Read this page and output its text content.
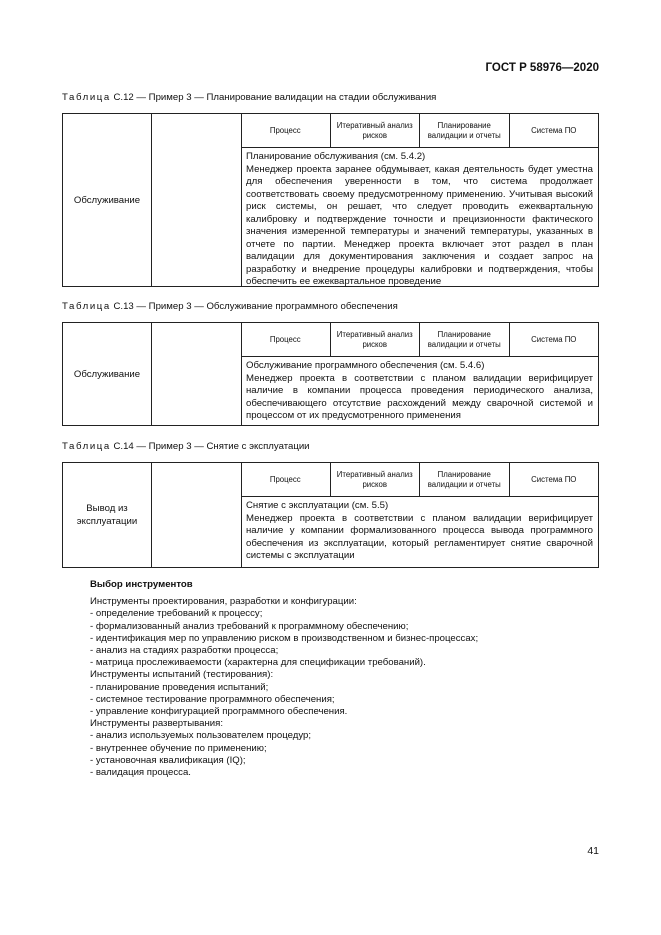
ГОСТ Р 58976—2020
Таблица С.12 — Пример 3 — Планирование валидации на стадии обслуживания
Обслуживание
Процесс
Итеративный анализ рисков
Планирование валидации и отчеты
Система ПО
Планирование обслуживания (см. 5.4.2)
Менеджер проекта заранее обдумывает, какая деятельность будет уместна для обеспечения уверенности в том, что система продолжает соответствовать своему предусмотренному применению. Учитывая высокий риск системы, он решает, что следует проводить ежеквартальную калибровку и подтверждение точности и прецизионности фактического значения измеренной температуры и значений температуры, указанных в отчете по партии. Менеджер проекта включает этот раздел в план валидации для документирования заключения и создает запрос на разработку и внедрение процедуры калибровки и подтверждения, чтобы обеспечить ее ежеквартальное проведение
Таблица С.13 — Пример 3 — Обслуживание программного обеспечения
Обслуживание
Процесс
Итеративный анализ рисков
Планирование валидации и отчеты
Система ПО
Обслуживание программного обеспечения (см. 5.4.6)
Менеджер проекта в соответствии с планом валидации верифицирует наличие в компании процесса проведения периодического анализа, обеспечивающего отсутствие расхождений между сварочной системой и процессом от их предусмотренного применения
Таблица С.14 — Пример 3 — Снятие с эксплуатации
Вывод из эксплуатации
Процесс
Итеративный анализ рисков
Планирование валидации и отчеты
Система ПО
Снятие с эксплуатации (см. 5.5)
Менеджер проекта в соответствии с планом валидации верифицирует наличие у компании формализованного процесса вывода программного обеспечения из эксплуатации, который регламентирует снятие сварочной системы с эксплуатации
Выбор инструментов
Инструменты проектирования, разработки и конфигурации:
- определение требований к процессу;
- формализованный анализ требований к программному обеспечению;
- идентификация мер по управлению риском в производственном и бизнес-процессах;
- анализ на стадиях разработки процесса;
- матрица прослеживаемости (характерна для спецификации требований).
Инструменты испытаний (тестирования):
- планирование проведения испытаний;
- системное тестирование программного обеспечения;
- управление конфигурацией программного обеспечения.
Инструменты развертывания:
- анализ используемых пользователем процедур;
- внутреннее обучение по применению;
- установочная квалификация (IQ);
- валидация процесса.
41
